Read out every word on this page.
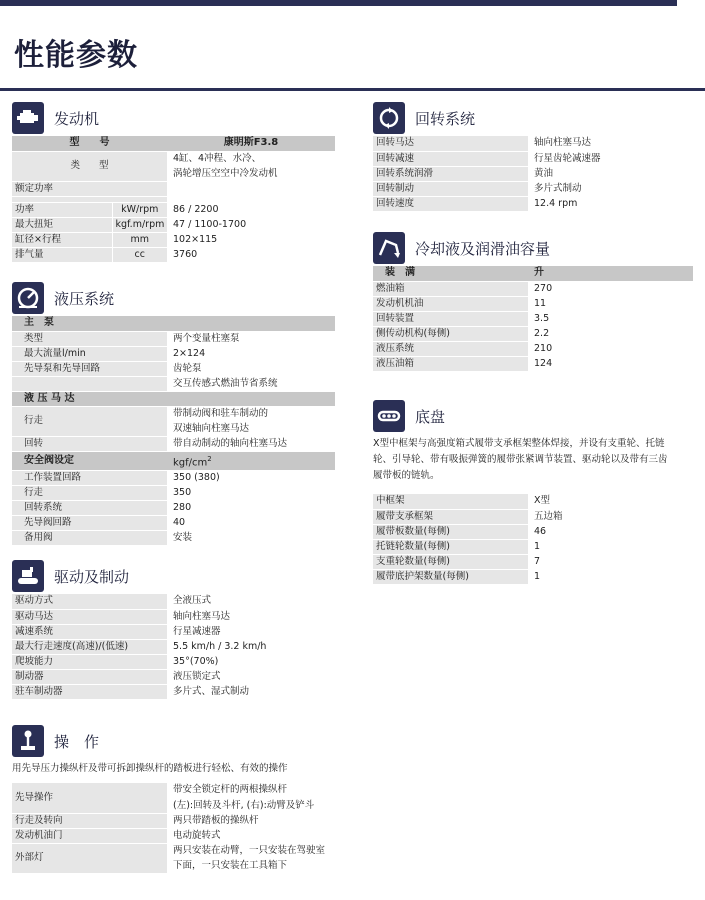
性能参数
发动机
型　　号		康明斯F3.8
类　　型		4缸、4冲程、水冷、
		涡轮增压空空中冷发动机
额定功率		

功率	kW/rpm	86 / 2200
最大扭矩	kgf.m/rpm	47 / 1100-1700
缸径×行程	mm	102×115
排气量	cc	3760
液压系统
主　泵	
类型	两个变量柱塞泵
最大流量l/min	2×124
先导泵和先导回路	齿轮泵
	交互传感式燃油节省系统
液 压 马 达	
行走	带制动阀和驻车制动的
	双速轴向柱塞马达
回转	带自动制动的轴向柱塞马达
安全阀设定	kgf/$cm^2$
工作装置回路	350 (380)
行走	350
回转系统	280
先导阀回路	40
备用阀	安装
驱动及制动
驱动方式	全液压式
驱动马达	轴向柱塞马达
减速系统	行星减速器
最大行走速度(高速)/(低速)	5.5 km/h / 3.2 km/h
爬坡能力	35°(70%)
制动器	液压锁定式
驻车制动器	多片式、湿式制动
操　作
用先导压力操纵杆及带可拆卸操纵杆的踏板进行轻松、有效的操作
先导操作	带安全锁定杆的两根操纵杆
	(左):回转及斗杆, (右):动臂及铲斗
行走及转向	两只带踏板的操纵杆
发动机油门	电动旋转式
外部灯	两只安装在动臂，一只安装在驾驶室
	下面，一只安装在工具箱下
回转系统
回转马达	轴向柱塞马达
回转减速	行星齿轮减速器
回转系统润滑	黄油
回转制动	多片式制动
回转速度	12.4 rpm
冷却液及润滑油容量
装　满	升
燃油箱	270
发动机机油	11
回转装置	3.5
侧传动机构(每侧)	2.2
液压系统	210
液压油箱	124
底盘
X型中框架与高强度箱式履带支承框架整体焊接，并设有支重轮、托链
轮、引导轮、带有吸振弹簧的履带张紧调节装置、驱动轮以及带有三齿
履带板的链轨。
中框架	X型
履带支承框架	五边箱
履带板数量(每侧)	46
托链轮数量(每侧)	1
支重轮数量(每侧)	7
履带底护架数量(每侧)	1
